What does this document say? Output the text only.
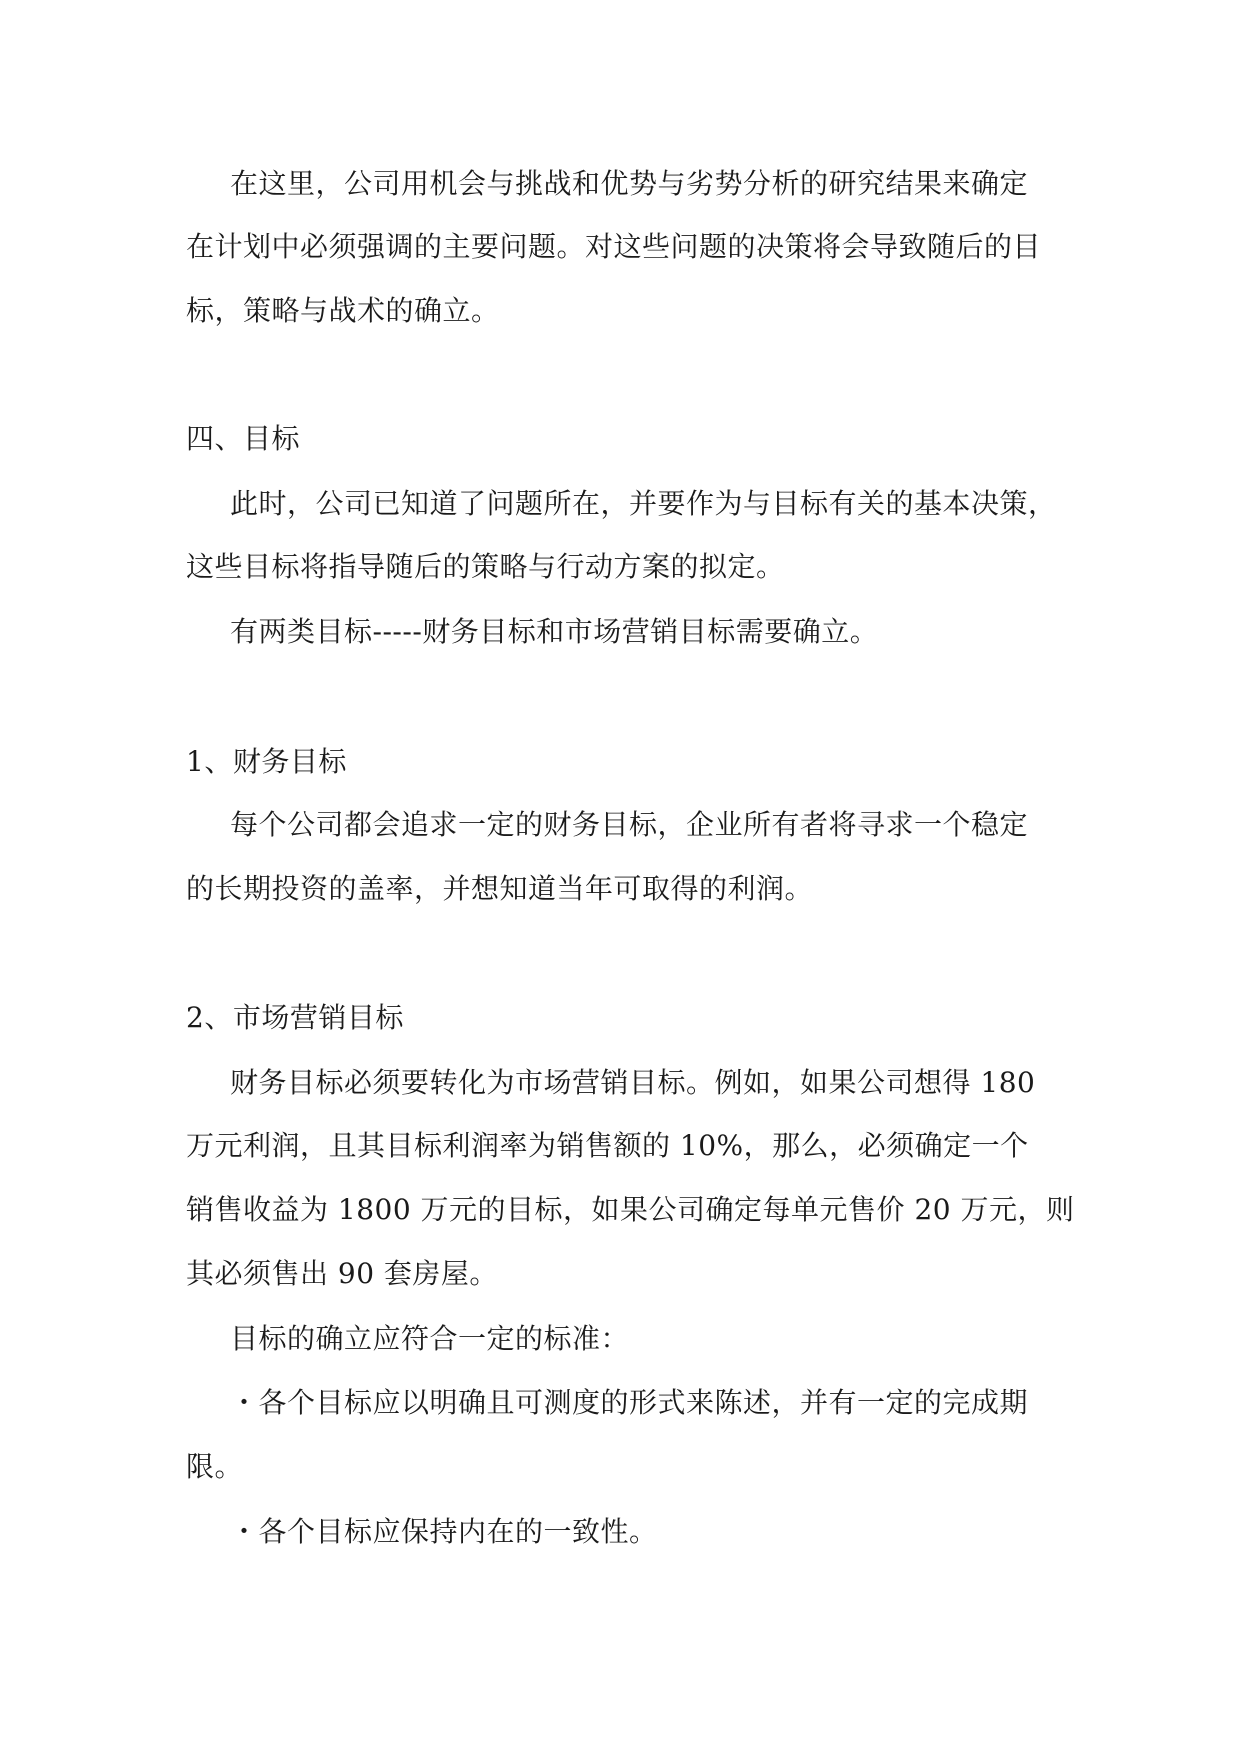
在这里，公司用机会与挑战和优势与劣势分析的研究结果来确定
在计划中必须强调的主要问题。对这些问题的决策将会导致随后的目
标，策略与战术的确立。
四、目标
此时，公司已知道了问题所在，并要作为与目标有关的基本决策，
这些目标将指导随后的策略与行动方案的拟定。
有两类目标-----财务目标和市场营销目标需要确立。
1、财务目标
每个公司都会追求一定的财务目标，企业所有者将寻求一个稳定
的长期投资的盖率，并想知道当年可取得的利润。
2、市场营销目标
财务目标必须要转化为市场营销目标。例如，如果公司想得 180
万元利润，且其目标利润率为销售额的 10%，那么，必须确定一个
销售收益为 1800 万元的目标，如果公司确定每单元售价 20 万元，则
其必须售出 90 套房屋。
目标的确立应符合一定的标准：
・各个目标应以明确且可测度的形式来陈述，并有一定的完成期
限。
・各个目标应保持内在的一致性。
